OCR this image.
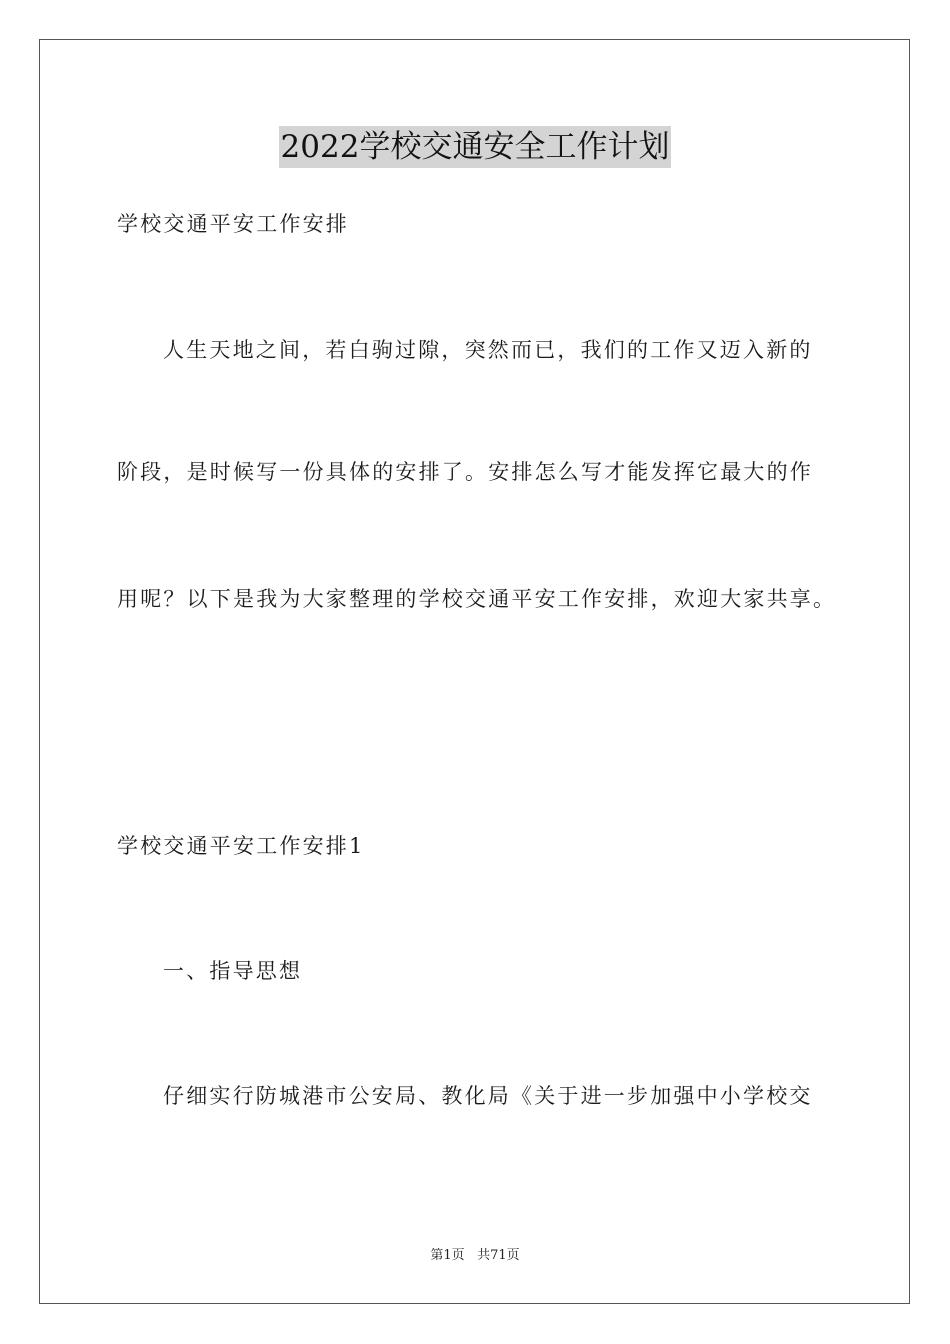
2022学校交通安全工作计划
学校交通平安工作安排
人生天地之间，若白驹过隙，突然而已，我们的工作又迈入新的
阶段，是时候写一份具体的安排了。安排怎么写才能发挥它最大的作
用呢？以下是我为大家整理的学校交通平安工作安排，欢迎大家共享。
学校交通平安工作安排1
一、指导思想
仔细实行防城港市公安局、教化局《关于进一步加强中小学校交
第1页 共71页
